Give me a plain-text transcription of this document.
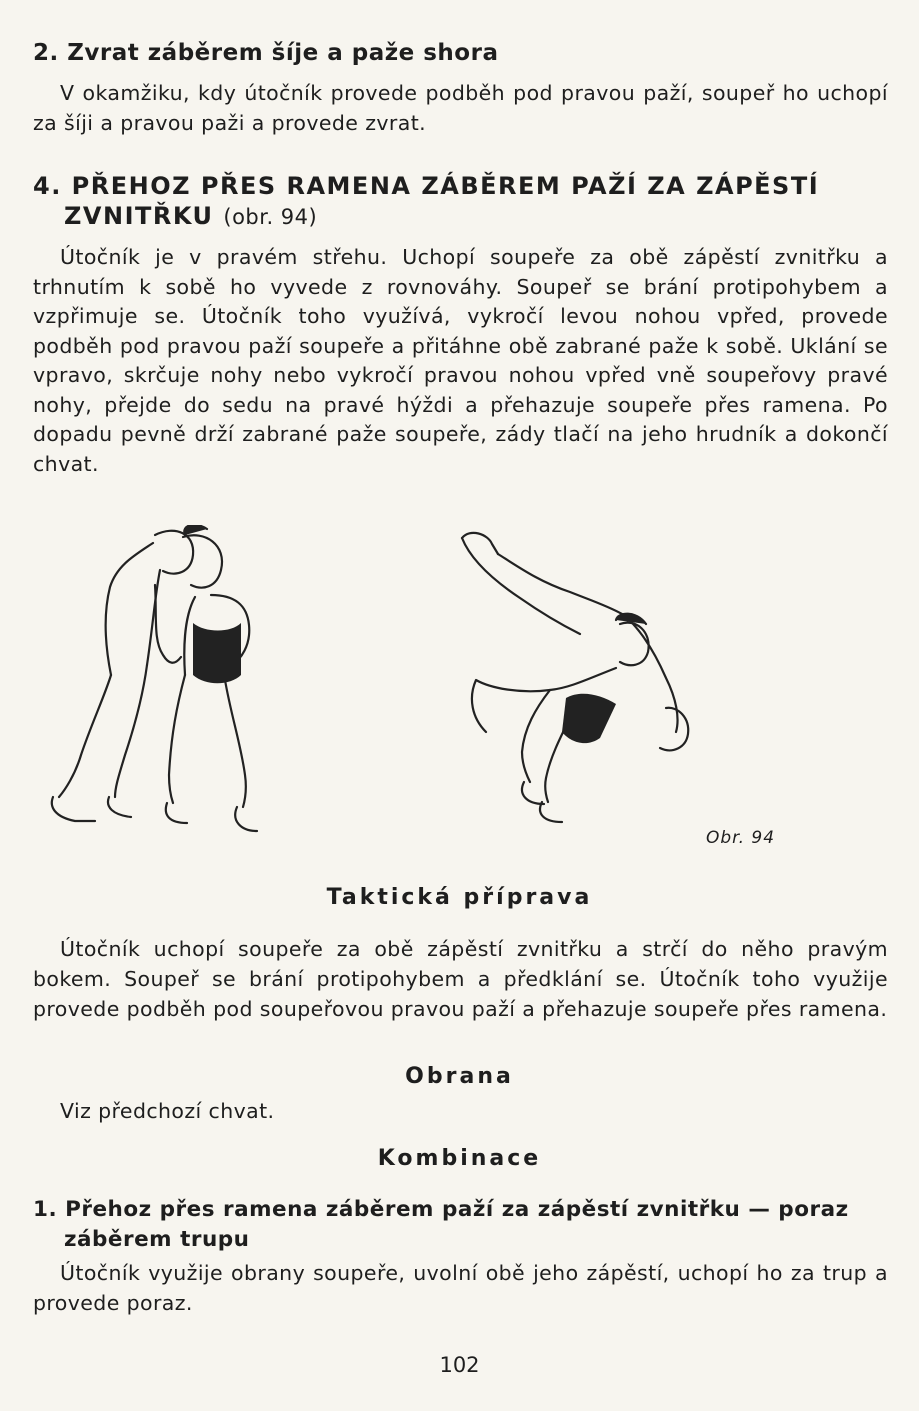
2. Zvrat záběrem šíje a paže shora
V okamžiku, kdy útočník provede podběh pod pravou paží, soupeř ho uchopí za šíji a pravou paži a provede zvrat.
4. PŘEHOZ PŘES RAMENA ZÁBĚREM PAŽÍ ZA ZÁPĚSTÍ
ZVNITŘKU (obr. 94)
Útočník je v pravém střehu. Uchopí soupeře za obě zápěstí zvnitřku a trhnutím k sobě ho vyvede z rovnováhy. Soupeř se brání protipohybem a vzpřimuje se. Útočník toho využívá, vykročí levou nohou vpřed, provede podběh pod pravou paží soupeře a přitáhne obě zabrané paže k sobě. Uklání se vpravo, skrčuje nohy nebo vykročí pravou nohou vpřed vně soupeřovy pravé nohy, přejde do sedu na pravé hýždi a přehazuje soupeře přes ramena. Po dopadu pevně drží zabrané paže soupeře, zády tlačí na jeho hrudník a dokončí chvat.
Obr. 94
Taktická příprava
Útočník uchopí soupeře za obě zápěstí zvnitřku a strčí do něho pravým bokem. Soupeř se brání protipohybem a předklání se. Útočník toho využije provede podběh pod soupeřovou pravou paží a přehazuje soupeře přes ramena.
Obrana
Viz předchozí chvat.
Kombinace
1. Přehoz přes ramena záběrem paží za zápěstí zvnitřku — poraz
záběrem trupu
Útočník využije obrany soupeře, uvolní obě jeho zápěstí, uchopí ho za trup a provede poraz.
102
